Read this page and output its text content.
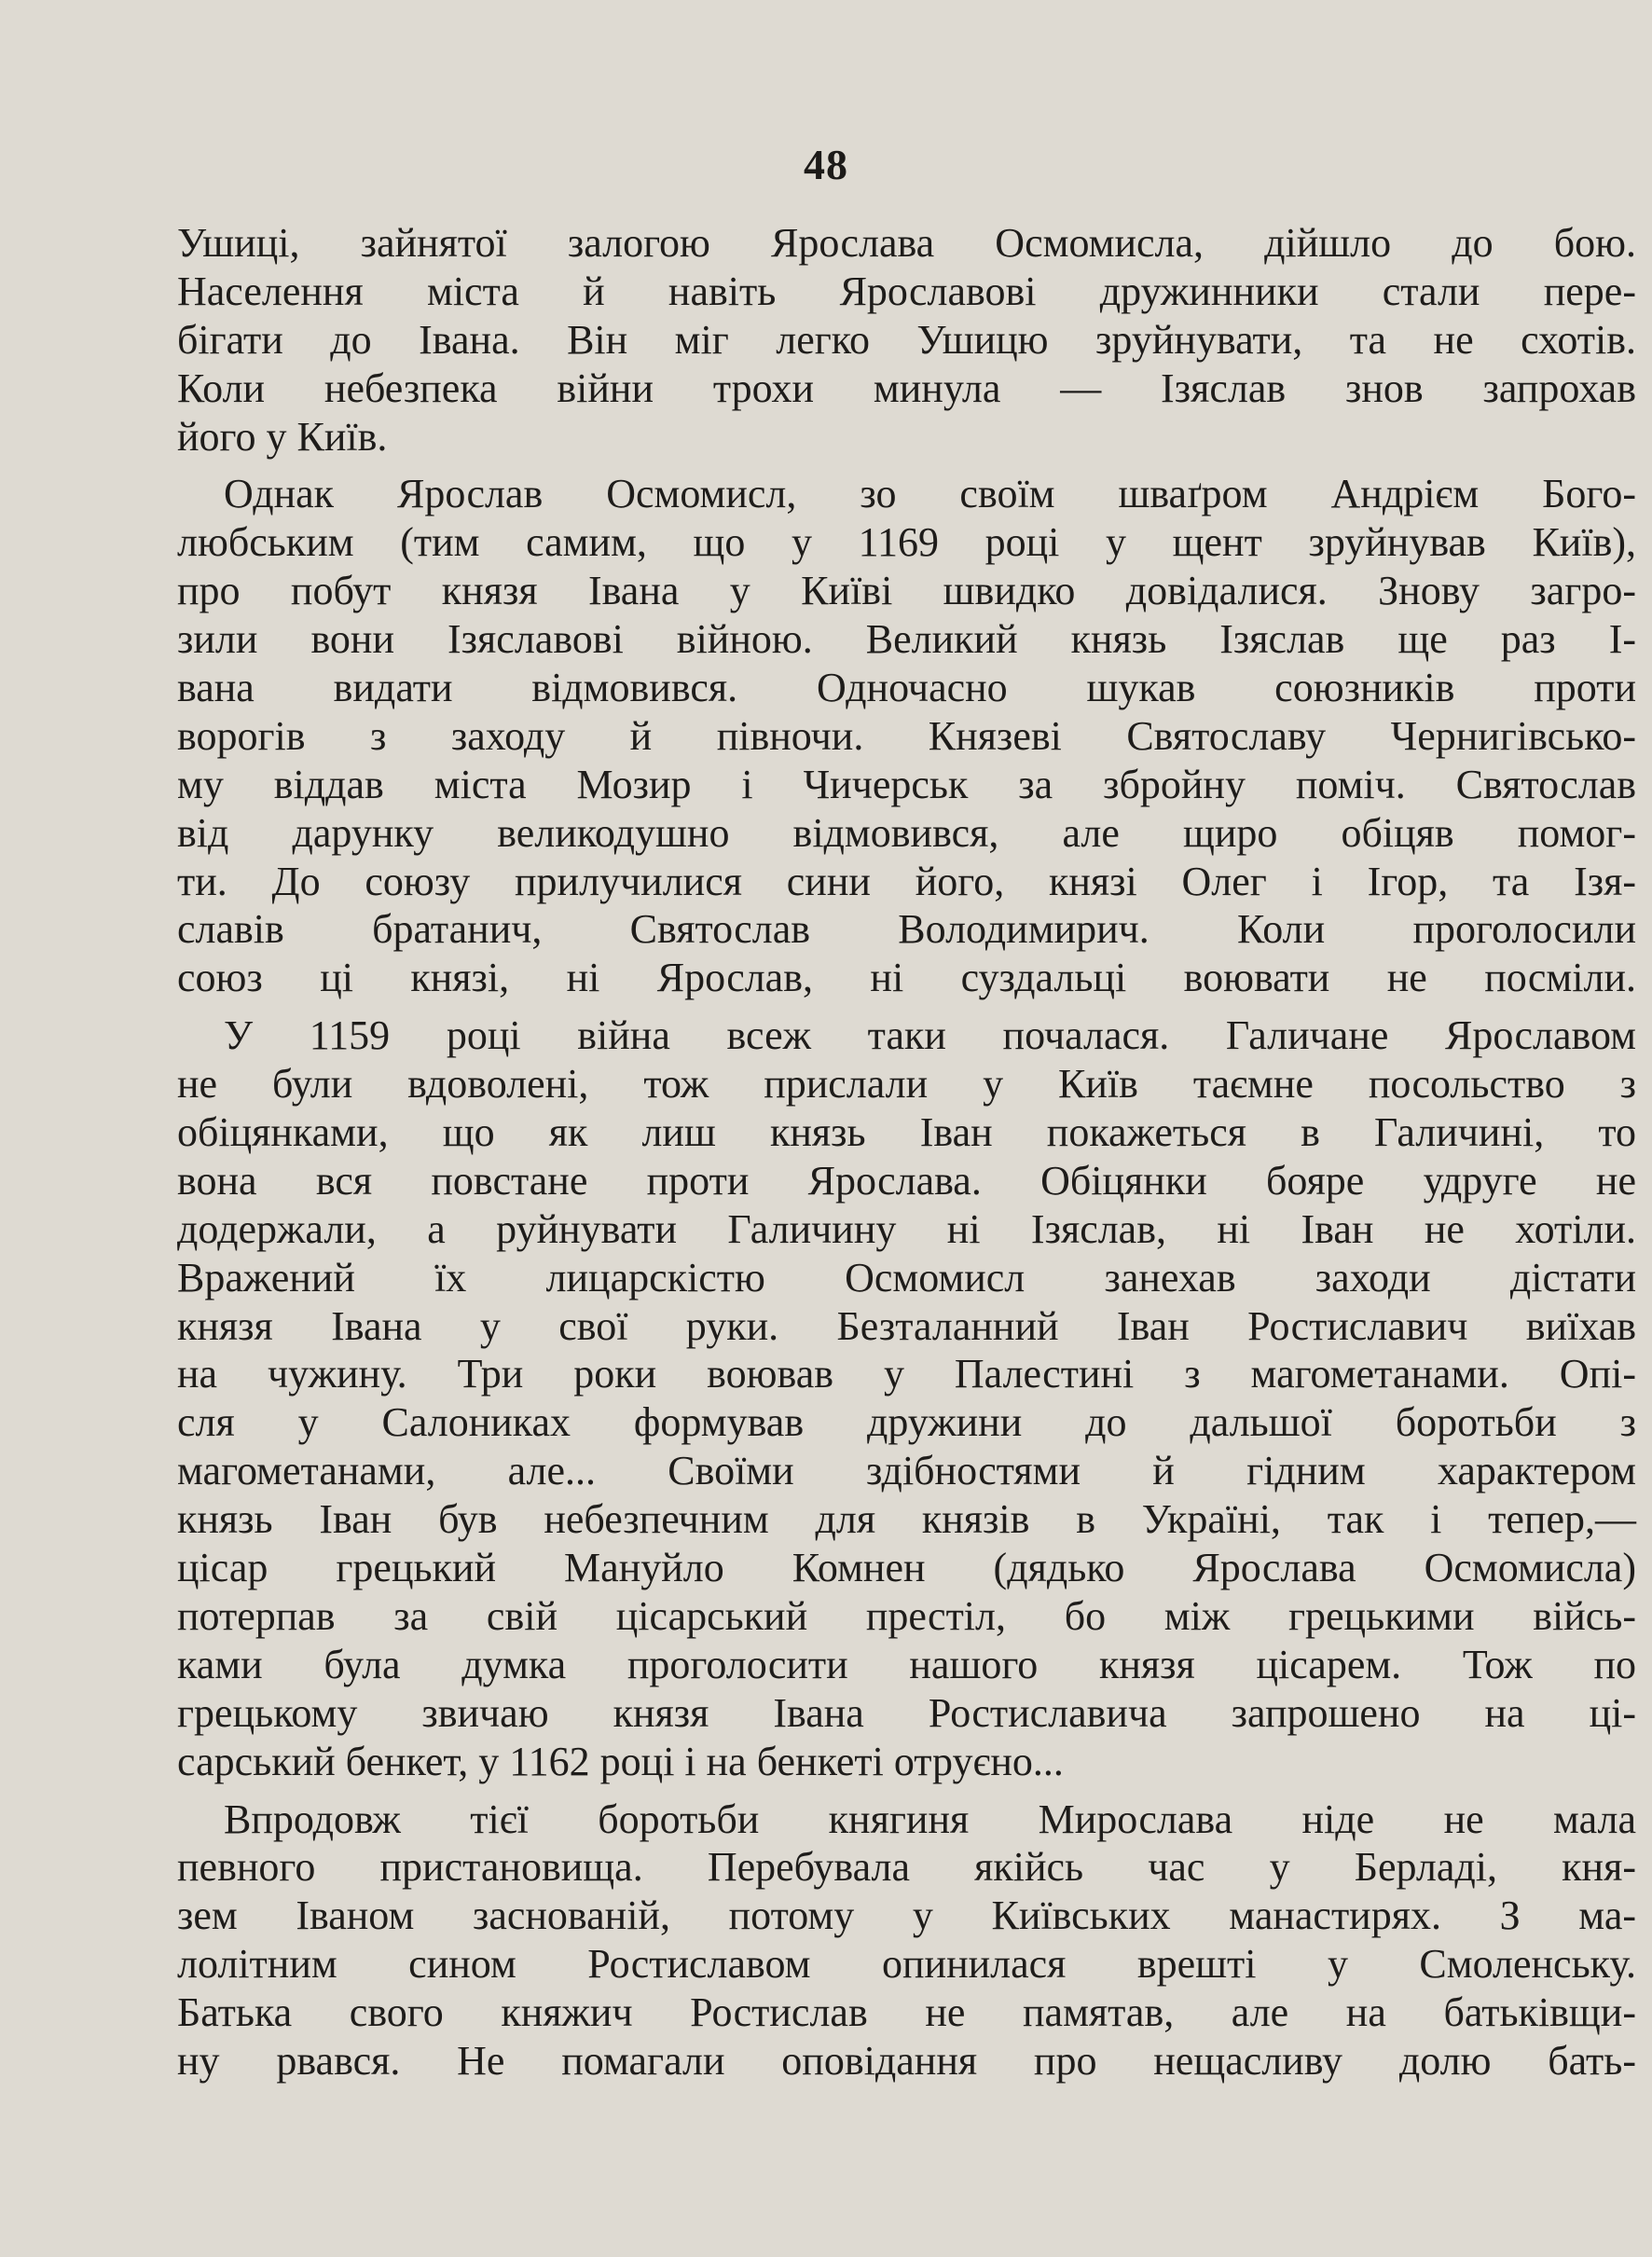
48
Ушиці, зайнятої залогою Ярослава Осмомисла, дійшло до бою.
Населення міста й навіть Ярославові дружинники стали пере-
бігати до Івана. Він міг легко Ушицю зруйнувати, та не схотів.
Коли небезпека війни трохи минула — Ізяслав знов запрохав
його у Київ.
Однак Ярослав Осмомисл, зо своїм шваґром Андрієм Бого-
любським (тим самим, що у 1169 році у щент зруйнував Київ),
про побут князя Івана у Київі швидко довідалися. Знову загро-
зили вони Ізяславові війною. Великий князь Ізяслав ще раз І-
вана видати відмовився. Одночасно шукав союзників проти
ворогів з заходу й півночи. Князеві Святославу Чернигівсько-
му віддав міста Мозир і Чичерськ за збройну поміч. Святослав
від дарунку великодушно відмовився, але щиро обіцяв помог-
ти. До союзу прилучилися сини його, князі Олег і Ігор, та Ізя-
славів братанич, Святослав Володимирич. Коли проголосили
союз ці князі, ні Ярослав, ні суздальці воювати не посміли.
У 1159 році війна всеж таки почалася. Галичане Ярославом
не були вдоволені, тож прислали у Київ таємне посольство з
обіцянками, що як лиш князь Іван покажеться в Галичині, то
вона вся повстане проти Ярослава. Обіцянки бояре удруге не
додержали, а руйнувати Галичину ні Ізяслав, ні Іван не хотіли.
Вражений їх лицарскістю Осмомисл занехав заходи дістати
князя Івана у свої руки. Безталанний Іван Ростиславич виїхав
на чужину. Три роки воював у Палестині з магометанами. Опі-
сля у Салониках формував дружини до дальшої боротьби з
магометанами, але... Своїми здібностями й гідним характером
князь Іван був небезпечним для князів в Україні, так і тепер,—
цісар грецький Мануйло Комнен (дядько Ярослава Осмомисла)
потерпав за свій цісарський престіл, бо між грецькими війсь-
ками була думка проголосити нашого князя цісарем. Тож по
грецькому звичаю князя Івана Ростиславича запрошено на ці-
сарський бенкет, у 1162 році і на бенкеті отруєно...
Впродовж тієї боротьби княгиня Мирослава ніде не мала
певного пристановища. Перебувала якійсь час у Берладі, кня-
зем Іваном заснованій, потому у Київських манастирях. З ма-
лолітним сином Ростиславом опинилася врешті у Смоленську.
Батька свого княжич Ростислав не памятав, але на батьківщи-
ну рвався. Не помагали оповідання про нещасливу долю бать-
